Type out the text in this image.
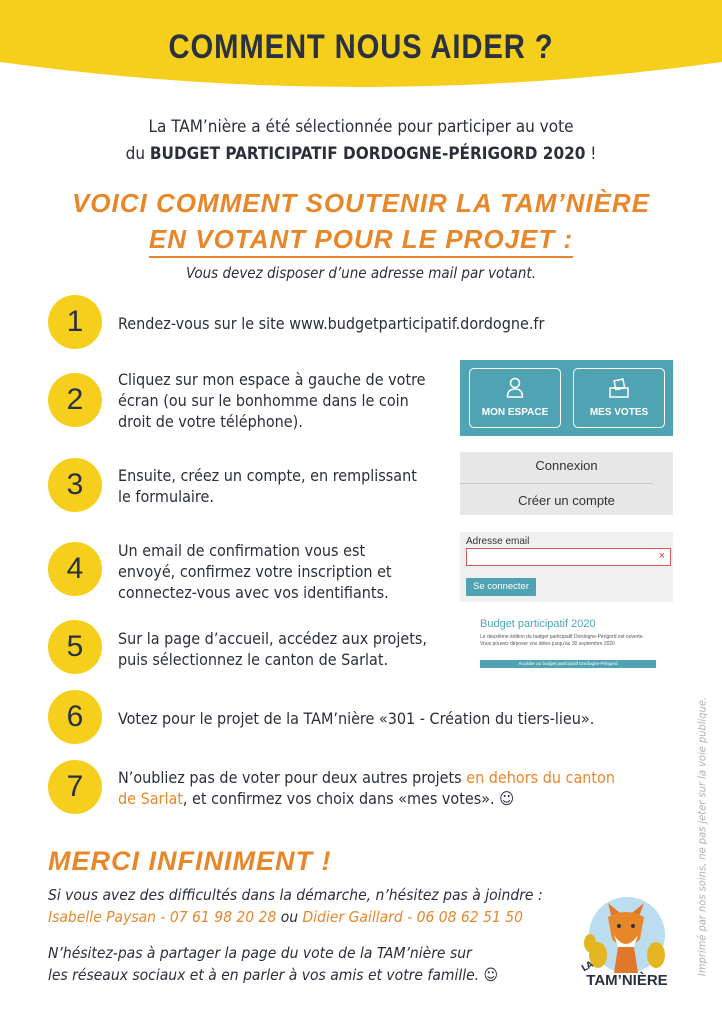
COMMENT NOUS AIDER ?
La TAM’nière a été sélectionnée pour participer au vote
du BUDGET PARTICIPATIF DORDOGNE-PÉRIGORD 2020 !
VOICI COMMENT SOUTENIR LA TAM’NIÈRE
EN VOTANT POUR LE PROJET :
Vous devez disposer d’une adresse mail par votant.
1	Rendez-vous sur le site www.budgetparticipatif.dordogne.fr
2
Cliquez sur mon espace à gauche de votre
écran (ou sur le bonhomme dans le coin
droit de votre téléphone).	MON ESPACE	MES VOTES
3	Ensuite, créez un compte, en remplissant
le formulaire.
Connexion
Créer un compte
4
Un email de confirmation vous est
envoyé, confirmez votre inscription et
connectez-vous avec vos identifiants.
Adresse email
×
Se connecter
5	Sur la page d’accueil, accédez aux projets,
puis sélectionnez le canton de Sarlat.
Budget participatif 2020
Le deuxième édition du budget participatif Dordogne-Périgord est ouverte. Vous pouvez déposer vos idées jusqu'au 30 septembre 2020
Accéder au budget participatif Dordogne-Périgord
6	Votez pour le projet de la TAM’nière «301 - Création du tiers-lieu».
7	N’oubliez pas de voter pour deux autres projets en dehors du canton
de Sarlat, et confirmez vos choix dans «mes votes». ☺	Imprimé par nos soins, ne pas jeter sur la voie publique.
MERCI INFINIMENT !
Si vous avez des difficultés dans la démarche, n’hésitez pas à joindre :
Isabelle Paysan - 07 61 98 20 28 ou Didier Gaillard - 06 08 62 51 50
N’hésitez-pas à partager la page du vote de la TAM’nière sur
les réseaux sociaux et à en parler à vos amis et votre famille. ☺	LA
TAM’NIÈRE
